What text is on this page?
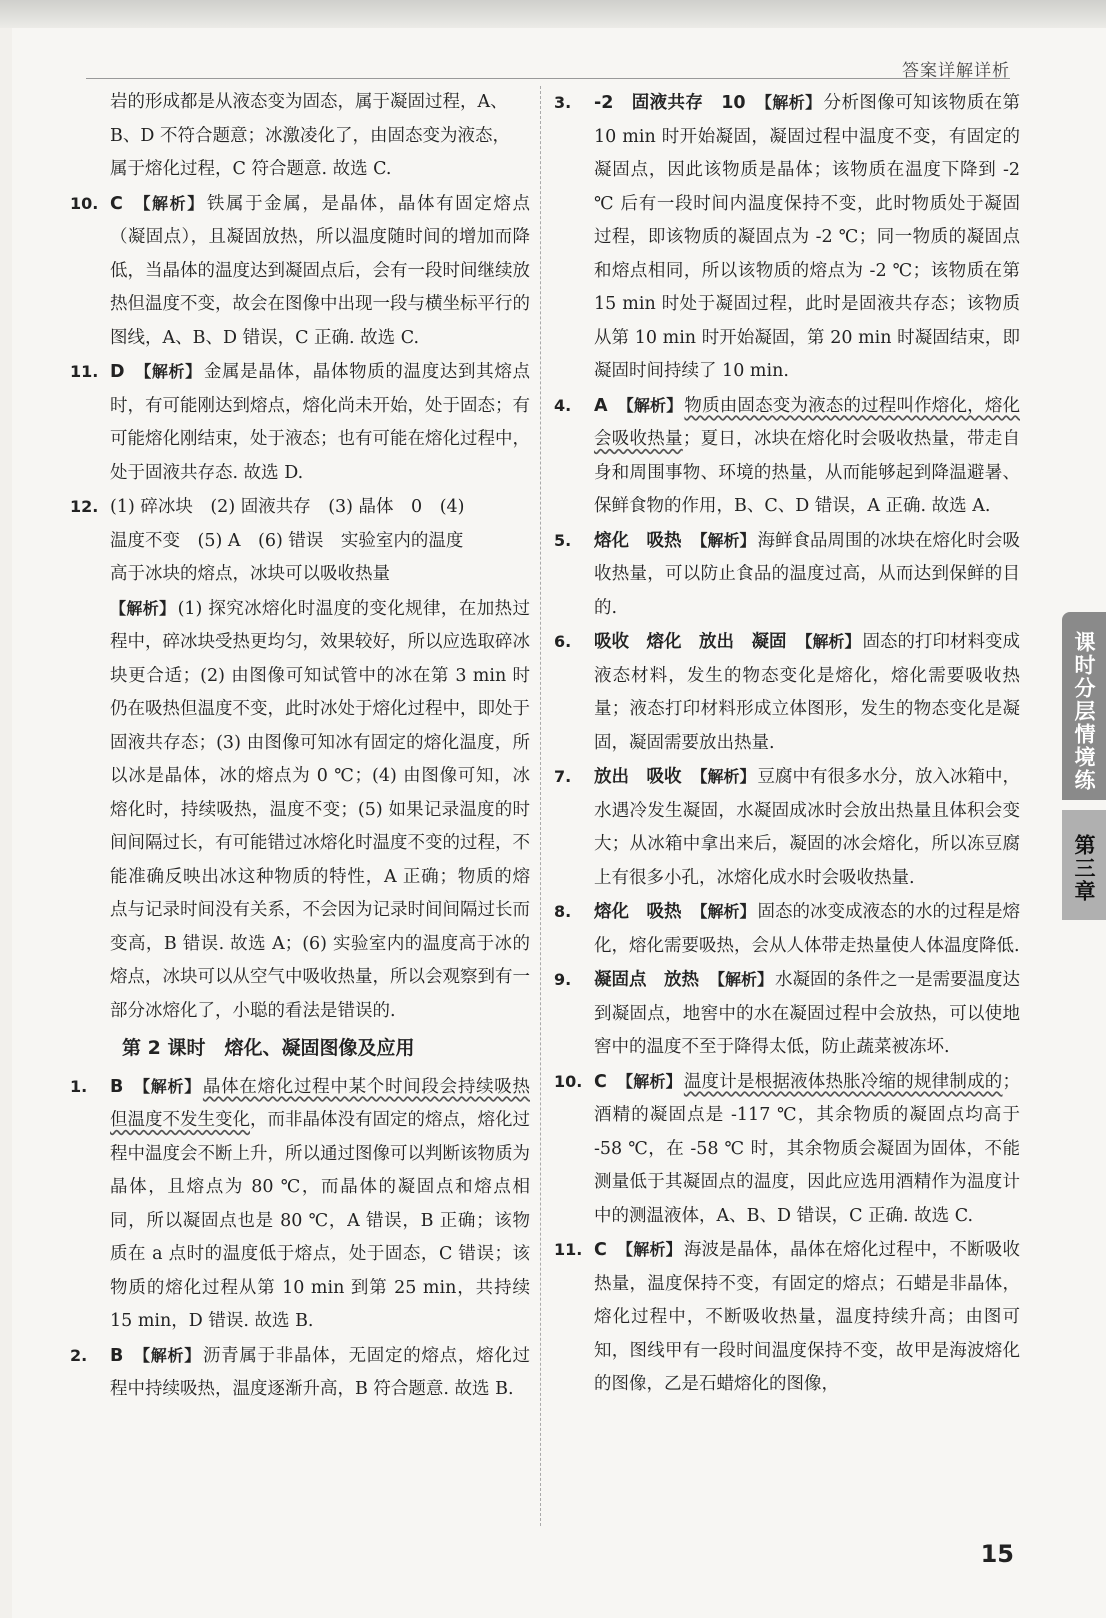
答案详解详析
岩的形成都是从液态变为固态，属于凝固过程，A、
B、D 不符合题意；冰激凌化了，由固态变为液态，
属于熔化过程，C 符合题意. 故选 C.
10. C 【解析】 铁属于金属，是晶体，晶体有固定熔点（凝固点），且凝固放热，所以温度随时间的增加而降低，当晶体的温度达到凝固点后，会有一段时间继续放热但温度不变，故会在图像中出现一段与横坐标平行的图线，A、B、D 错误，C 正确. 故选 C.
11. D 【解析】 金属是晶体，晶体物质的温度达到其熔点时，有可能刚达到熔点，熔化尚未开始，处于固态；有可能熔化刚结束，处于液态；也有可能在熔化过程中，处于固液共存态. 故选 D.
12. (1) 碎冰块　(2) 固液共存　(3) 晶体　0　(4)
温度不变　(5) A　(6) 错误　实验室内的温度
高于冰块的熔点，冰块可以吸收热量
【解析】 (1) 探究冰熔化时温度的变化规律，在加热过程中，碎冰块受热更均匀，效果较好，所以应选取碎冰块更合适；(2) 由图像可知试管中的冰在第 3 min 时仍在吸热但温度不变，此时冰处于熔化过程中，即处于固液共存态；(3) 由图像可知冰有固定的熔化温度，所以冰是晶体，冰的熔点为 0 ℃；(4) 由图像可知，冰熔化时，持续吸热，温度不变；(5) 如果记录温度的时间间隔过长，有可能错过冰熔化时温度不变的过程，不能准确反映出冰这种物质的特性，A 正确；物质的熔点与记录时间没有关系，不会因为记录时间间隔过长而变高，B 错误. 故选 A；(6) 实验室内的温度高于冰的熔点，冰块可以从空气中吸收热量，所以会观察到有一部分冰熔化了，小聪的看法是错误的.
第 2 课时　熔化、凝固图像及应用
1. B 【解析】 晶体在熔化过程中某个时间段会持续吸热但温度不发生变化，而非晶体没有固定的熔点，熔化过程中温度会不断上升，所以通过图像可以判断该物质为晶体，且熔点为 80 ℃，而晶体的凝固点和熔点相同，所以凝固点也是 80 ℃，A 错误，B 正确；该物质在 a 点时的温度低于熔点，处于固态，C 错误；该物质的熔化过程从第 10 min 到第 25 min，共持续 15 min，D 错误. 故选 B.
2. B 【解析】 沥青属于非晶体，无固定的熔点，熔化过程中持续吸热，温度逐渐升高，B 符合题意. 故选 B.
3. -2　固液共存　10 【解析】 分析图像可知该物质在第 10 min 时开始凝固，凝固过程中温度不变，有固定的凝固点，因此该物质是晶体；该物质在温度下降到 -2 ℃ 后有一段时间内温度保持不变，此时物质处于凝固过程，即该物质的凝固点为 -2 ℃；同一物质的凝固点和熔点相同，所以该物质的熔点为 -2 ℃；该物质在第 15 min 时处于凝固过程，此时是固液共存态；该物质从第 10 min 时开始凝固，第 20 min 时凝固结束，即凝固时间持续了 10 min.
4. A 【解析】 物质由固态变为液态的过程叫作熔化，熔化会吸收热量；夏日，冰块在熔化时会吸收热量，带走自身和周围事物、环境的热量，从而能够起到降温避暑、保鲜食物的作用，B、C、D 错误，A 正确. 故选 A.
5. 熔化　吸热 【解析】 海鲜食品周围的冰块在熔化时会吸收热量，可以防止食品的温度过高，从而达到保鲜的目的.
6. 吸收　熔化　放出　凝固 【解析】 固态的打印材料变成液态材料，发生的物态变化是熔化，熔化需要吸收热量；液态打印材料形成立体图形，发生的物态变化是凝固，凝固需要放出热量.
7. 放出　吸收 【解析】 豆腐中有很多水分，放入冰箱中，水遇冷发生凝固，水凝固成冰时会放出热量且体积会变大；从冰箱中拿出来后，凝固的冰会熔化，所以冻豆腐上有很多小孔，冰熔化成水时会吸收热量.
8. 熔化　吸热 【解析】 固态的冰变成液态的水的过程是熔化，熔化需要吸热，会从人体带走热量使人体温度降低.
9. 凝固点　放热 【解析】 水凝固的条件之一是需要温度达到凝固点，地窖中的水在凝固过程中会放热，可以使地窖中的温度不至于降得太低，防止蔬菜被冻坏.
10. C 【解析】 温度计是根据液体热胀冷缩的规律制成的；酒精的凝固点是 -117 ℃，其余物质的凝固点均高于 -58 ℃，在 -58 ℃ 时，其余物质会凝固为固体，不能测量低于其凝固点的温度，因此应选用酒精作为温度计中的测温液体，A、B、D 错误，C 正确. 故选 C.
11. C 【解析】 海波是晶体，晶体在熔化过程中，不断吸收热量，温度保持不变，有固定的熔点；石蜡是非晶体，熔化过程中，不断吸收热量，温度持续升高；由图可知，图线甲有一段时间温度保持不变，故甲是海波熔化的图像，乙是石蜡熔化的图像，
课时分层情境练
第三章
15
